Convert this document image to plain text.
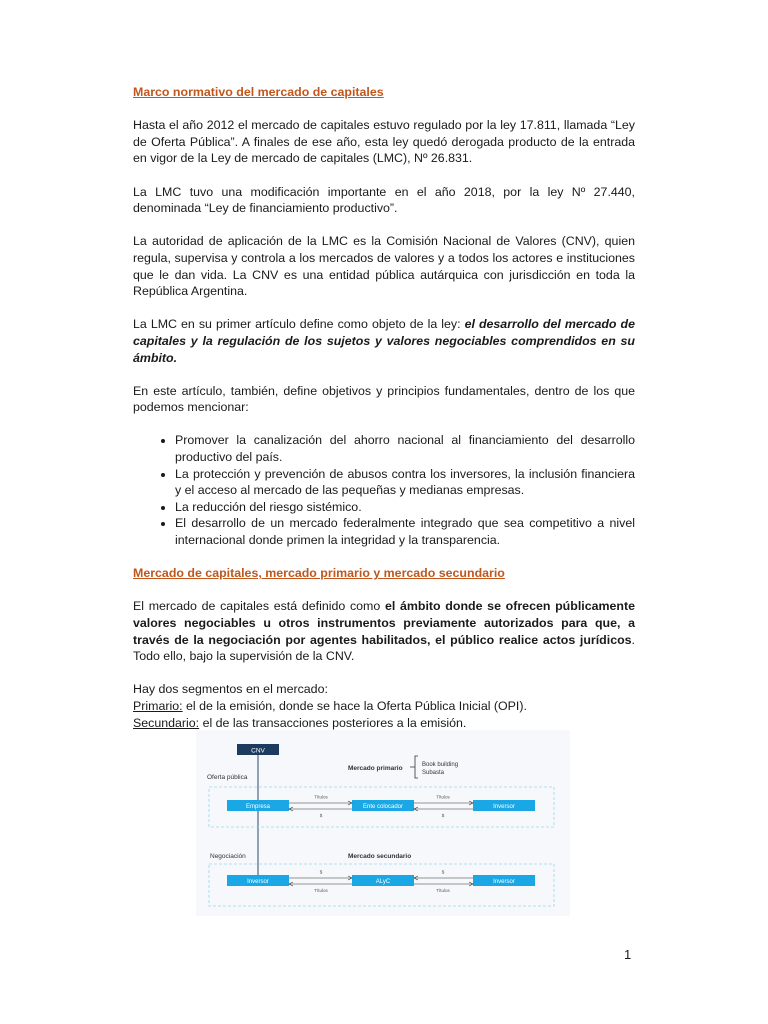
Marco normativo del mercado de capitales

Hasta el año 2012 el mercado de capitales estuvo regulado por la ley 17.811, llamada “Ley de Oferta Pública”. A finales de ese año, esta ley quedó derogada producto de la entrada en vigor de la Ley de mercado de capitales (LMC), Nº 26.831.

La LMC tuvo una modificación importante en el año 2018, por la ley Nº 27.440, denominada “Ley de financiamiento productivo”.

La autoridad de aplicación de la LMC es la Comisión Nacional de Valores (CNV), quien regula, supervisa y controla a los mercados de valores y a todos los actores e instituciones que le dan vida. La CNV es una entidad pública autárquica con jurisdicción en toda la República Argentina.

La LMC en su primer artículo define como objeto de la ley: el desarrollo del mercado de capitales y la regulación de los sujetos y valores negociables comprendidos en su ámbito.

En este artículo, también, define objetivos y principios fundamentales, dentro de los que podemos mencionar:

• Promover la canalización del ahorro nacional al financiamiento del desarrollo productivo del país.
• La protección y prevención de abusos contra los inversores, la inclusión financiera y el acceso al mercado de las pequeñas y medianas empresas.
• La reducción del riesgo sistémico.
• El desarrollo de un mercado federalmente integrado que sea competitivo a nivel internacional donde primen la integridad y la transparencia.
Mercado de capitales, mercado primario y mercado secundario

El mercado de capitales está definido como el ámbito donde se ofrecen públicamente valores negociables u otros instrumentos previamente autorizados para que, a través de la negociación por agentes habilitados, el público realice actos jurídicos. Todo ello, bajo la supervisión de la CNV.

Hay dos segmentos en el mercado:

Primario: el de la emisión, donde se hace la Oferta Pública Inicial (OPI).

Secundario: el de las transacciones posteriores a la emisión.

CNV
Oferta pública
Mercado primario	Book building
Subasta
Empresa	Ente colocador	Inversor
Títulos
$
Títulos
$
Negociación	Mercado secundario
Inversor	ALyC	Inversor
$
Títulos
$
Títulos
1
